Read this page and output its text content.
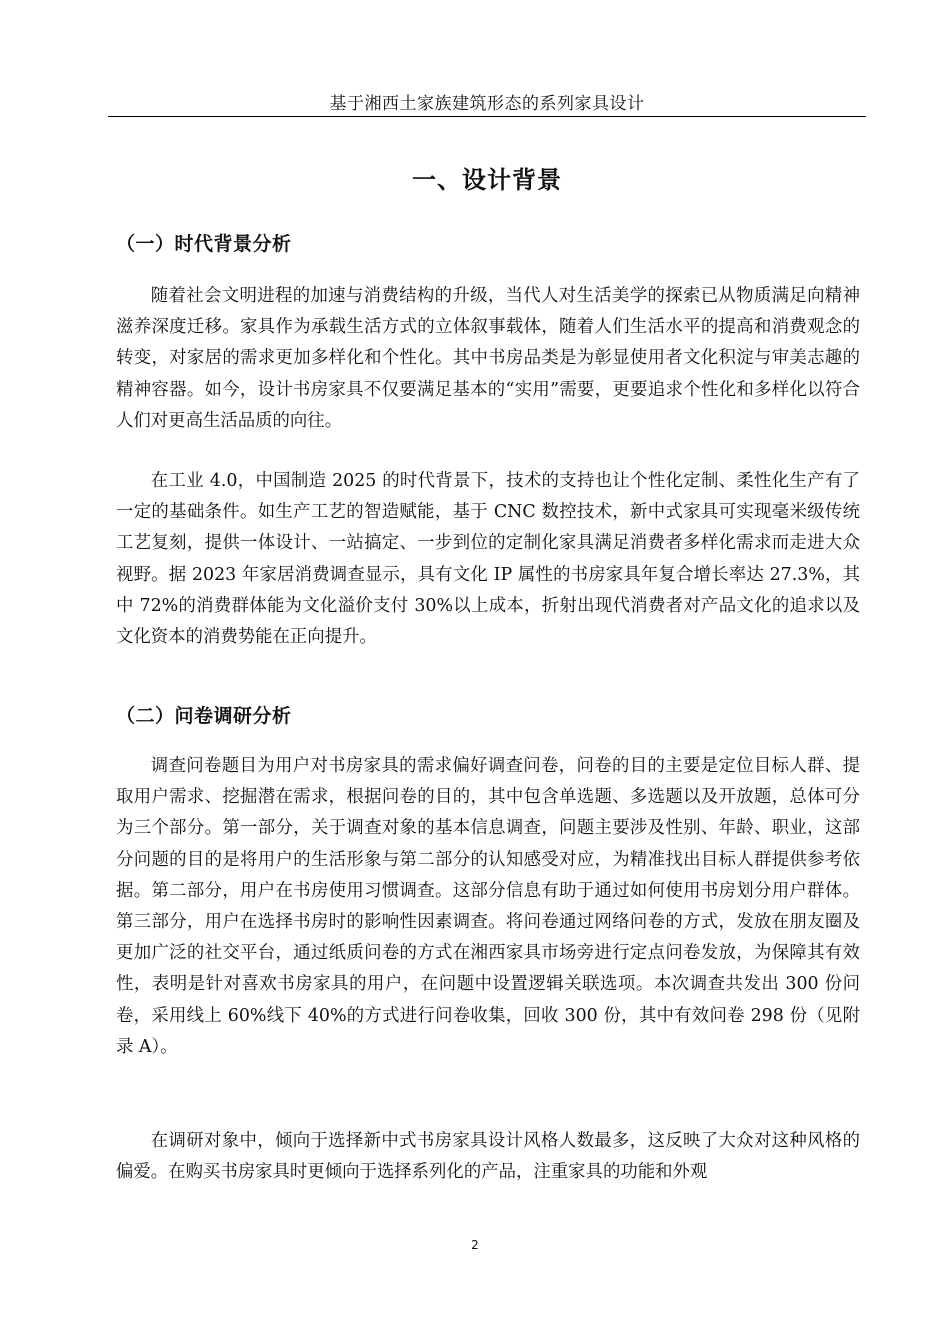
基于湘西土家族建筑形态的系列家具设计
一、设计背景
（一）时代背景分析

随着社会文明进程的加速与消费结构的升级，当代人对生活美学的探索已从物质满足向精神滋养深度迁移。家具作为承载生活方式的立体叙事载体，随着人们生活水平的提高和消费观念的转变，对家居的需求更加多样化和个性化。其中书房品类是为彰显使用者文化积淀与审美志趣的精神容器。如今，设计书房家具不仅要满足基本的“实用”需要，更要追求个性化和多样化以符合人们对更高生活品质的向往。

在工业 4.0，中国制造 2025 的时代背景下，技术的支持也让个性化定制、柔性化生产有了一定的基础条件。如生产工艺的智造赋能，基于 CNC 数控技术，新中式家具可实现毫米级传统工艺复刻，提供一体设计、一站搞定、一步到位的定制化家具满足消费者多样化需求而走进大众视野。据 2023 年家居消费调查显示，具有文化 IP 属性的书房家具年复合增长率达 27.3%，其中 72%的消费群体能为文化溢价支付 30%以上成本，折射出现代消费者对产品文化的追求以及文化资本的消费势能在正向提升。

（二）问卷调研分析

调查问卷题目为用户对书房家具的需求偏好调查问卷，问卷的目的主要是定位目标人群、提取用户需求、挖掘潜在需求，根据问卷的目的，其中包含单选题、多选题以及开放题，总体可分为三个部分。第一部分，关于调查对象的基本信息调查，问题主要涉及性别、年龄、职业，这部分问题的目的是将用户的生活形象与第二部分的认知感受对应，为精准找出目标人群提供参考依据。第二部分，用户在书房使用习惯调查。这部分信息有助于通过如何使用书房划分用户群体。第三部分，用户在选择书房时的影响性因素调查。将问卷通过网络问卷的方式，发放在朋友圈及更加广泛的社交平台，通过纸质问卷的方式在湘西家具市场旁进行定点问卷发放，为保障其有效性，表明是针对喜欢书房家具的用户，在问题中设置逻辑关联选项。本次调查共发出 300 份问卷，采用线上 60%线下 40%的方式进行问卷收集，回收 300 份，其中有效问卷 298 份（见附录 A）。

在调研对象中，倾向于选择新中式书房家具设计风格人数最多，这反映了大众对这种风格的偏爱。在购买书房家具时更倾向于选择系列化的产品，注重家具的功能和外观

2
